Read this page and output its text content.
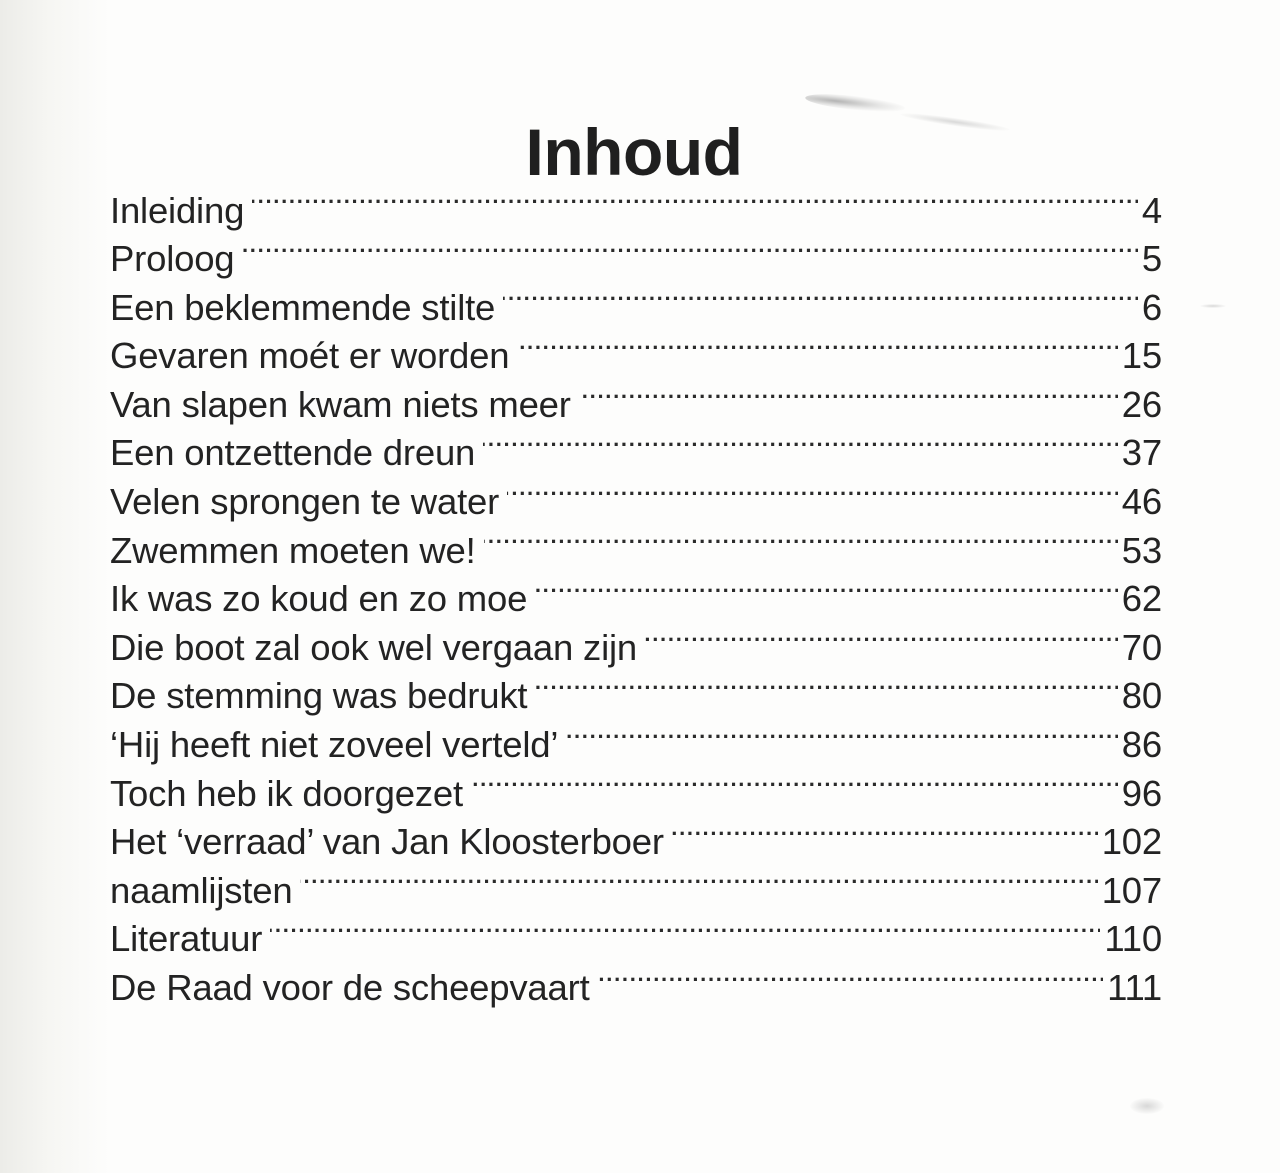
Inhoud
Inleiding . . .	4
Proloog . . .	5
Een beklemmende stilte . . .	6
Gevaren moét er worden . . .	15
Van slapen kwam niets meer . . .	26
Een ontzettende dreun . . .	37
Velen sprongen te water . . .	46
Zwemmen moeten we! . . .	53
Ik was zo koud en zo moe . . .	62
Die boot zal ook wel vergaan zijn . . .	70
De stemming was bedrukt . . .	80
‘Hij heeft niet zoveel verteld’ . . .	86
Toch heb ik doorgezet . . .	96
Het ‘verraad’ van Jan Kloosterboer . . .	102
naamlijsten . . .	107
Literatuur . . .	110
De Raad voor de scheepvaart . . .	111
